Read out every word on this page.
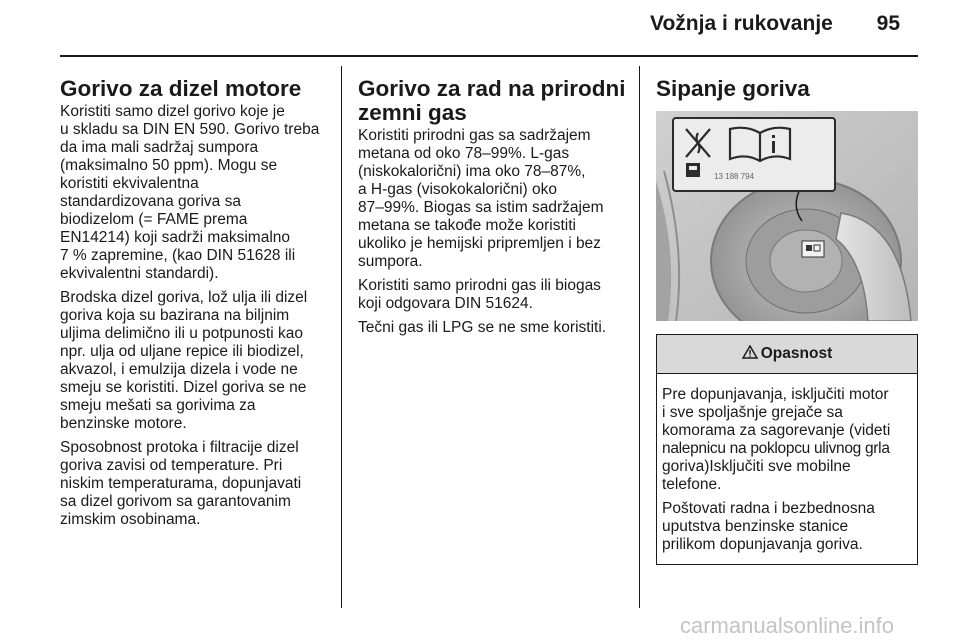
Vožnja i rukovanje 95
Gorivo za dizel motore

Koristiti samo dizel gorivo koje je
u skladu sa DIN EN 590. Gorivo treba
da ima mali sadržaj sumpora
(maksimalno 50 ppm). Mogu se
koristiti ekvivalentna
standardizovana goriva sa
biodizelom (= FAME prema
EN14214) koji sadrži maksimalno
7 % zapremine, (kao DIN 51628 ili
ekvivalentni standardi).

Brodska dizel goriva, lož ulja ili dizel
goriva koja su bazirana na biljnim
uljima delimično ili u potpunosti kao
npr. ulja od uljane repice ili biodizel,
akvazol, i emulzija dizela i vode ne
smeju se koristiti. Dizel goriva se ne
smeju mešati sa gorivima za
benzinske motore.

Sposobnost protoka i filtracije dizel
goriva zavisi od temperature. Pri
niskim temperaturama, dopunjavati
sa dizel gorivom sa garantovanim
zimskim osobinama.

Gorivo za rad na prirodni
zemni gas

Koristiti prirodni gas sa sadržajem
metana od oko 78–99%. L-gas
(niskokalorični) ima oko 78–87%,
a H-gas (visokokalorični) oko
87–99%. Biogas sa istim sadržajem
metana se takođe može koristiti
ukoliko je hemijski pripremljen i bez
sumpora.

Koristiti samo prirodni gas ili biogas
koji odgovara DIN 51624.

Tečni gas ili LPG se ne sme koristiti.

Sipanje goriva
13 188 794
Opasnost

Pre dopunjavanja, isključiti motor
i sve spoljašnje grejače sa
komorama za sagorevanje (videti
nalepnicu na poklopcu ulivnog grla
goriva)Isključiti sve mobilne
telefone.

Poštovati radna i bezbednosna
uputstva benzinske stanice
prilikom dopunjavanja goriva.

carmanualsonline.info
